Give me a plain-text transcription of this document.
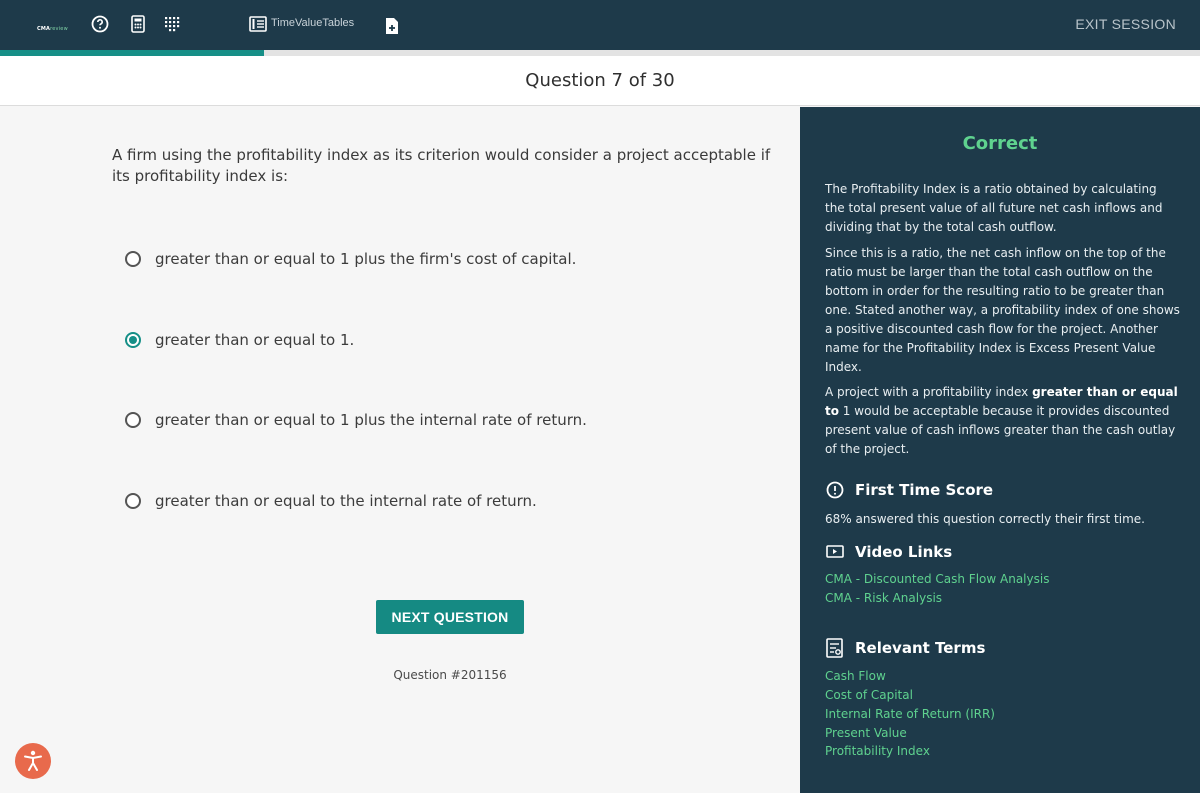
CMAreview	TimeValueTables	EXIT SESSION
Question 7 of 30

A firm using the profitability index as its criterion would consider a project acceptable if its profitability index is:

greater than or equal to 1 plus the firm's cost of capital.
greater than or equal to 1.
greater than or equal to 1 plus the internal rate of return.
greater than or equal to the internal rate of return.
NEXT QUESTION
Question #201156
Correct

The Profitability Index is a ratio obtained by calculating the total present value of all future net cash inflows and dividing that by the total cash outflow.

Since this is a ratio, the net cash inflow on the top of the ratio must be larger than the total cash outflow on the bottom in order for the resulting ratio to be greater than one. Stated another way, a profitability index of one shows a positive discounted cash flow for the project. Another name for the Profitability Index is Excess Present Value Index.

A project with a profitability index greater than or equal to 1 would be acceptable because it provides discounted present value of cash inflows greater than the cash outlay of the project.

First Time Score
68% answered this question correctly their first time.
Video Links
CMA - Discounted Cash Flow Analysis
CMA - Risk Analysis
Relevant Terms
Cash Flow
Cost of Capital
Internal Rate of Return (IRR)
Present Value
Profitability Index
